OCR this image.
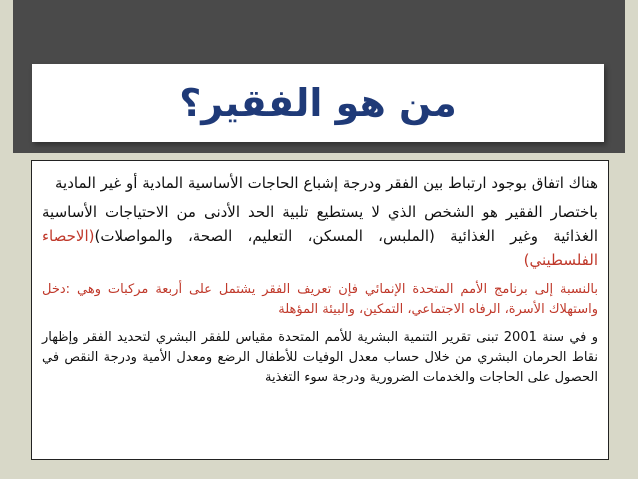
من هو الفقير؟

هناك اتفاق بوجود ارتباط بين الفقر ودرجة إشباع الحاجات الأساسية المادية أو غير المادية

باختصار الفقير هو الشخص الذي لا يستطيع تلبية الحد الأدنى من الاحتياجات الأساسية الغذائية وغير الغذائية (الملبس، المسكن، التعليم، الصحة، والمواصلات)(الاحصاء الفلسطيني)

بالنسبة إلى برنامج الأمم المتحدة الإنمائي فإن تعريف الفقر يشتمل على أربعة مركبات وهي :دخل واستهلاك الأسرة، الرفاه الاجتماعي، التمكين، والبيئة المؤهلة

و في سنة 2001 تبنى تقرير التنمية البشرية للأمم المتحدة مقياس للفقر البشري لتحديد الفقر وإظهار نقاط الحرمان البشري من خلال حساب معدل الوفيات للأطفال الرضع ومعدل الأمية ودرجة النقص في الحصول على الحاجات والخدمات الضرورية ودرجة سوء التغذية
